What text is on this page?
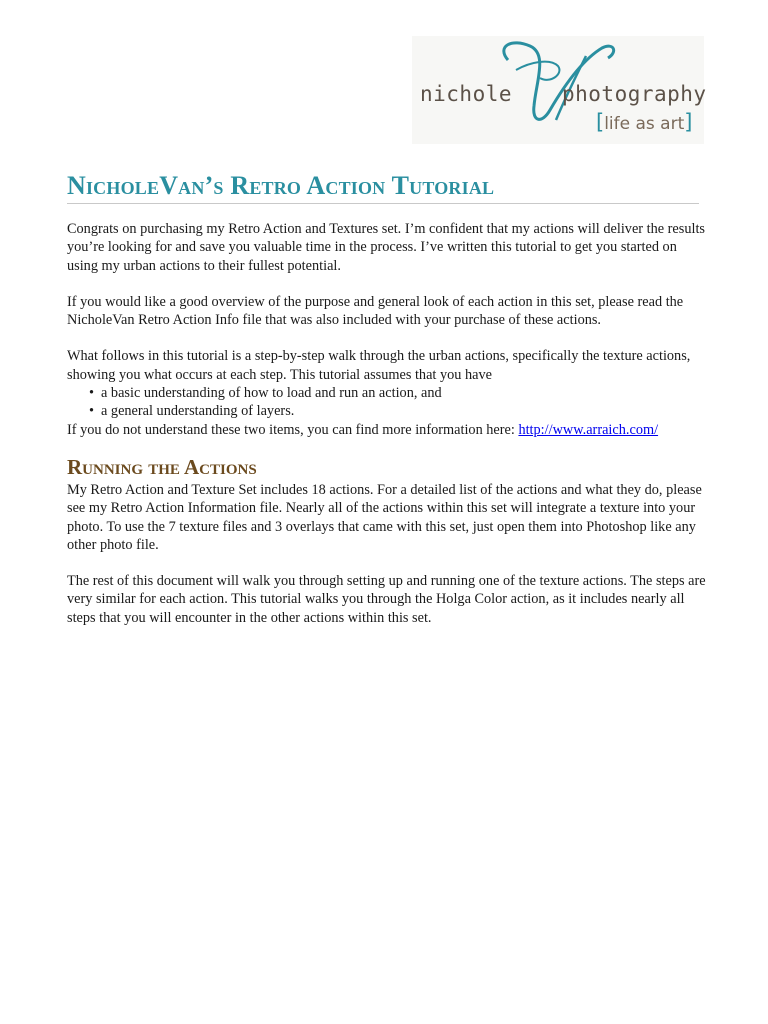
nichole photography
[life as art]
NicholeVan’s Retro Action Tutorial

Congrats on purchasing my Retro Action and Textures set. I’m confident that my actions will deliver the results you’re looking for and save you valuable time in the process. I’ve written this tutorial to get you started on using my urban actions to their fullest potential.

If you would like a good overview of the purpose and general look of each action in this set, please read the NicholeVan Retro Action Info file that was also included with your purchase of these actions.

What follows in this tutorial is a step-by-step walk through the urban actions, specifically the texture actions, showing you what occurs at each step. This tutorial assumes that you have

• a basic understanding of how to load and run an action, and
• a general understanding of layers.

If you do not understand these two items, you can find more information here: http://www.arraich.com/

Running the Actions

My Retro Action and Texture Set includes 18 actions. For a detailed list of the actions and what they do, please see my Retro Action Information file. Nearly all of the actions within this set will integrate a texture into your photo. To use the 7 texture files and 3 overlays that came with this set, just open them into Photoshop like any other photo file.

The rest of this document will walk you through setting up and running one of the texture actions. The steps are very similar for each action. This tutorial walks you through the Holga Color action, as it includes nearly all steps that you will encounter in the other actions within this set.
